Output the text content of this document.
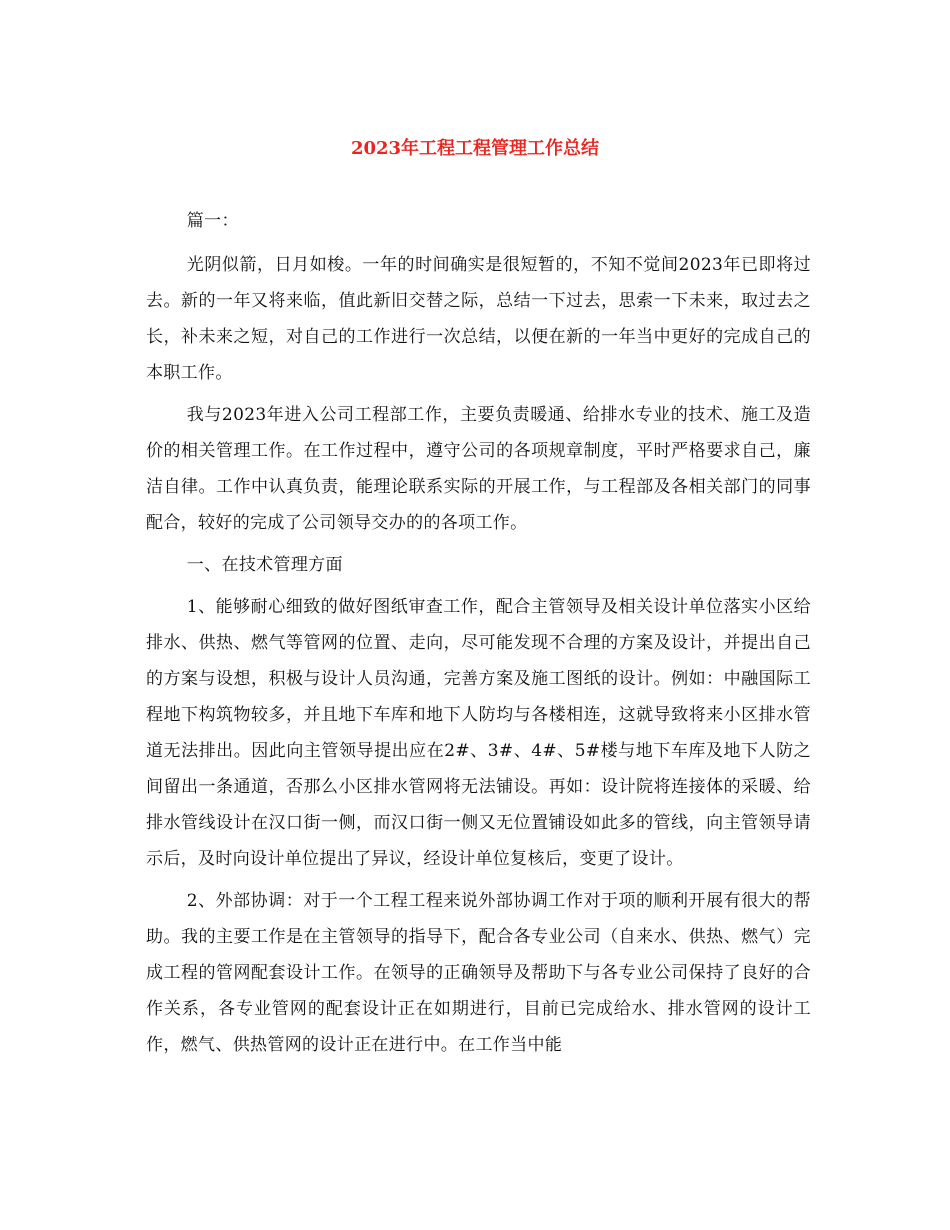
2023年工程工程管理工作总结

篇一：

光阴似箭，日月如梭。一年的时间确实是很短暂的，不知不觉间2023年已即将过去。新的一年又将来临，值此新旧交替之际，总结一下过去，思索一下未来，取过去之长，补未来之短，对自己的工作进行一次总结，以便在新的一年当中更好的完成自己的本职工作。

我与2023年进入公司工程部工作，主要负责暖通、给排水专业的技术、施工及造价的相关管理工作。在工作过程中，遵守公司的各项规章制度，平时严格要求自己，廉洁自律。工作中认真负责，能理论联系实际的开展工作，与工程部及各相关部门的同事配合，较好的完成了公司领导交办的的各项工作。

一、在技术管理方面

1、能够耐心细致的做好图纸审查工作，配合主管领导及相关设计单位落实小区给排水、供热、燃气等管网的位置、走向，尽可能发现不合理的方案及设计，并提出自己的方案与设想，积极与设计人员沟通，完善方案及施工图纸的设计。例如：中融国际工程地下构筑物较多，并且地下车库和地下人防均与各楼相连，这就导致将来小区排水管道无法排出。因此向主管领导提出应在2#、3#、4#、5#楼与地下车库及地下人防之间留出一条通道，否那么小区排水管网将无法铺设。再如：设计院将连接体的采暖、给排水管线设计在汉口街一侧，而汉口街一侧又无位置铺设如此多的管线，向主管领导请示后，及时向设计单位提出了异议，经设计单位复核后，变更了设计。

2、外部协调：对于一个工程工程来说外部协调工作对于项的顺利开展有很大的帮助。我的主要工作是在主管领导的指导下，配合各专业公司（自来水、供热、燃气）完成工程的管网配套设计工作。在领导的正确领导及帮助下与各专业公司保持了良好的合作关系，各专业管网的配套设计正在如期进行，目前已完成给水、排水管网的设计工作，燃气、供热管网的设计正在进行中。在工作当中能
